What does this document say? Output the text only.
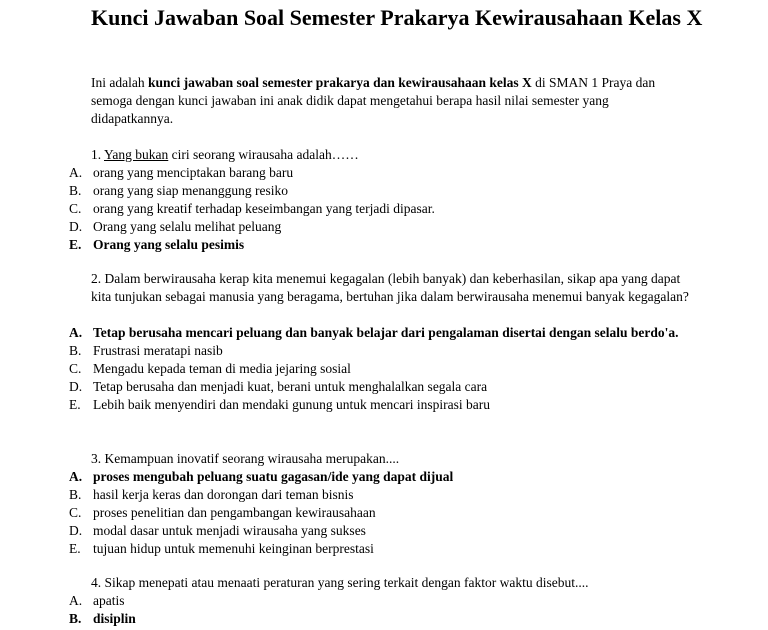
Kunci Jawaban Soal Semester Prakarya Kewirausahaan Kelas X

Ini adalah kunci jawaban soal semester prakarya dan kewirausahaan kelas X di SMAN 1 Praya dan semoga dengan kunci jawaban ini anak didik dapat mengetahui berapa hasil nilai semester yang didapatkannya.

1. Yang bukan ciri seorang wirausaha adalah……

A. orang yang menciptakan barang baru
B. orang yang siap menanggung resiko
C. orang yang kreatif terhadap keseimbangan yang terjadi dipasar.
D. Orang yang selalu melihat peluang
E. Orang yang selalu pesimis

2. Dalam berwirausaha kerap kita menemui kegagalan (lebih banyak) dan keberhasilan, sikap apa yang dapat kita tunjukan sebagai manusia yang beragama, bertuhan jika dalam berwirausaha menemui banyak kegagalan?

A. Tetap berusaha mencari peluang dan banyak belajar dari pengalaman disertai dengan selalu berdo'a.
B. Frustrasi meratapi nasib
C. Mengadu kepada teman di media jejaring sosial
D. Tetap berusaha dan menjadi kuat, berani untuk menghalalkan segala cara
E. Lebih baik menyendiri dan mendaki gunung untuk mencari inspirasi baru

3. Kemampuan inovatif seorang wirausaha merupakan....

A. proses mengubah peluang suatu gagasan/ide yang dapat dijual
B. hasil kerja keras dan dorongan dari teman bisnis
C. proses penelitian dan pengambangan kewirausahaan
D. modal dasar untuk menjadi wirausaha yang sukses
E. tujuan hidup untuk memenuhi keinginan berprestasi

4. Sikap menepati atau menaati peraturan yang sering terkait dengan faktor waktu disebut....

A. apatis
B. disiplin
